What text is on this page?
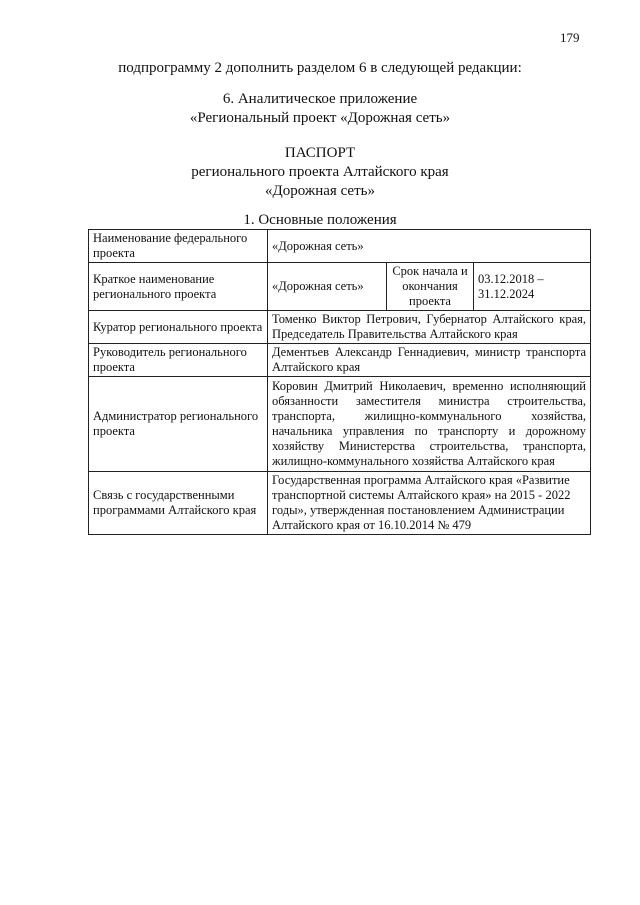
179
подпрограмму 2 дополнить разделом 6 в следующей редакции:
6. Аналитическое приложение
«Региональный проект «Дорожная сеть»
ПАСПОРТ
регионального проекта Алтайского края
«Дорожная сеть»
1. Основные положения
Наименование федерального проекта	«Дорожная сеть»		
Краткое наименование регионального проекта	«Дорожная сеть»	Срок начала и окончания проекта	03.12.2018 – 31.12.2024
Куратор регионального проекта	Томенко Виктор Петрович, Губернатор Алтайского края, Председатель Правительства Алтайского края		
Руководитель регионального проекта	Дементьев Александр Геннадиевич, министр транспорта Алтайского края		
Администратор регионального проекта	Коровин Дмитрий Николаевич, временно исполняющий обязанности заместителя министра строительства, транспорта, жилищно-коммунального хозяйства, начальника управления по транспорту и дорожному хозяйству Министерства строительства, транспорта, жилищно-коммунального хозяйства Алтайского края		
Связь с государственными программами Алтайского края	Государственная программа Алтайского края «Развитие транспортной системы Алтайского края» на 2015 - 2022 годы», утвержденная постановлением Администрации Алтайского края от 16.10.2014 № 479		
